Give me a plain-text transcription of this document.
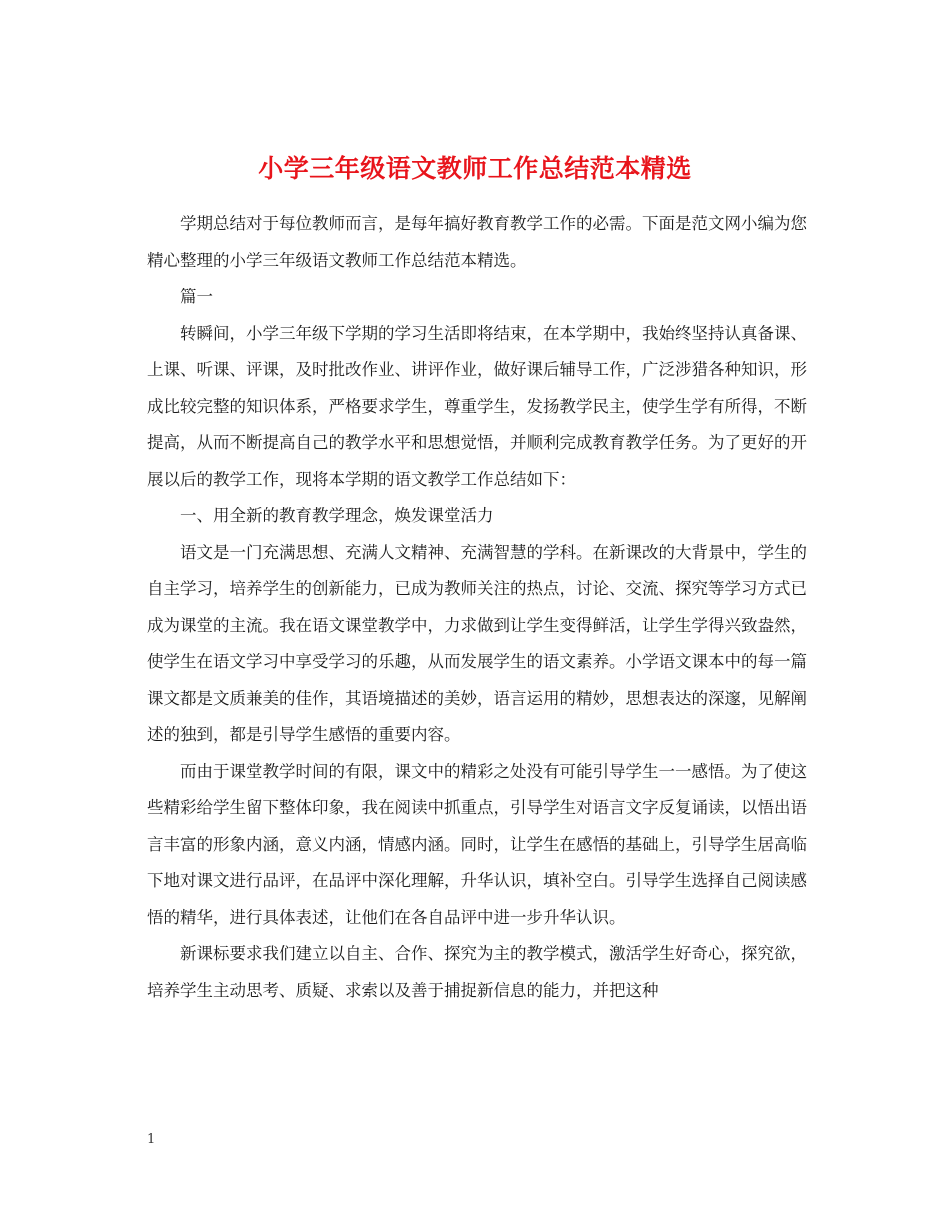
小学三年级语文教师工作总结范本精选

学期总结对于每位教师而言，是每年搞好教育教学工作的必需。下面是范文网小编为您精心整理的小学三年级语文教师工作总结范本精选。

篇一

转瞬间，小学三年级下学期的学习生活即将结束，在本学期中，我始终坚持认真备课、上课、听课、评课，及时批改作业、讲评作业，做好课后辅导工作，广泛涉猎各种知识，形成比较完整的知识体系，严格要求学生，尊重学生，发扬教学民主，使学生学有所得，不断提高，从而不断提高自己的教学水平和思想觉悟，并顺利完成教育教学任务。为了更好的开展以后的教学工作，现将本学期的语文教学工作总结如下：

一、用全新的教育教学理念，焕发课堂活力

语文是一门充满思想、充满人文精神、充满智慧的学科。在新课改的大背景中，学生的自主学习，培养学生的创新能力，已成为教师关注的热点，讨论、交流、探究等学习方式已成为课堂的主流。我在语文课堂教学中，力求做到让学生变得鲜活，让学生学得兴致盎然，使学生在语文学习中享受学习的乐趣，从而发展学生的语文素养。小学语文课本中的每一篇课文都是文质兼美的佳作，其语境描述的美妙，语言运用的精妙，思想表达的深邃，见解阐述的独到，都是引导学生感悟的重要内容。

而由于课堂教学时间的有限，课文中的精彩之处没有可能引导学生一一感悟。为了使这些精彩给学生留下整体印象，我在阅读中抓重点，引导学生对语言文字反复诵读，以悟出语言丰富的形象内涵，意义内涵，情感内涵。同时，让学生在感悟的基础上，引导学生居高临下地对课文进行品评，在品评中深化理解，升华认识，填补空白。引导学生选择自己阅读感悟的精华，进行具体表述，让他们在各自品评中进一步升华认识。

新课标要求我们建立以自主、合作、探究为主的教学模式，激活学生好奇心，探究欲，培养学生主动思考、质疑、求索以及善于捕捉新信息的能力，并把这种

1
